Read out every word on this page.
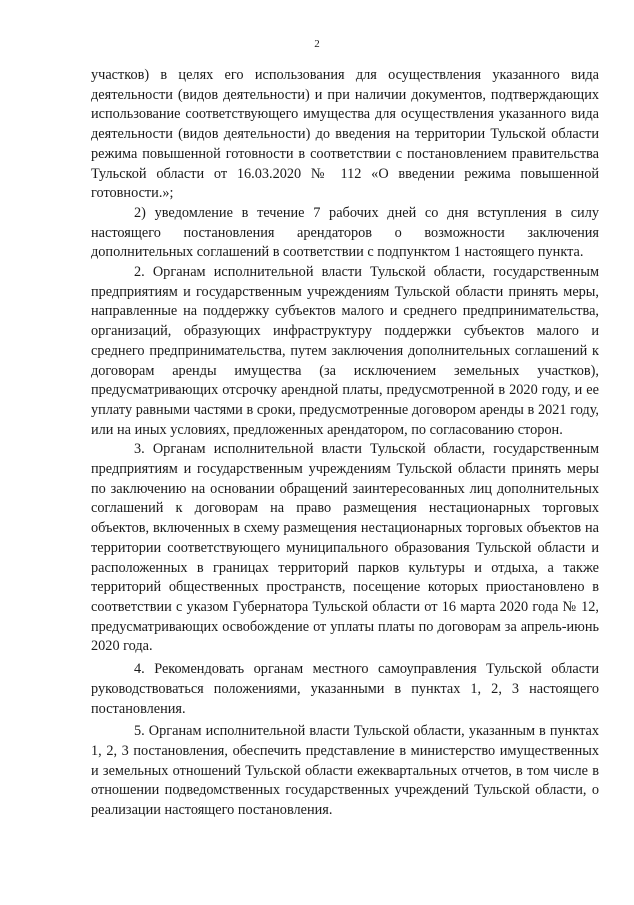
2

участков) в целях его использования для осуществления указанного вида деятельности (видов деятельности) и при наличии документов, подтверждающих использование соответствующего имущества для осуществления указанного вида деятельности (видов деятельности) до введения на территории Тульской области режима повышенной готовности в соответствии с постановлением правительства Тульской области от 16.03.2020 № 112 «О введении режима повышенной готовности.»;

2) уведомление в течение 7 рабочих дней со дня вступления в силу настоящего постановления арендаторов о возможности заключения дополнительных соглашений в соответствии с подпунктом 1 настоящего пункта.

2. Органам исполнительной власти Тульской области, государственным предприятиям и государственным учреждениям Тульской области принять меры, направленные на поддержку субъектов малого и среднего предпринимательства, организаций, образующих инфраструктуру поддержки субъектов малого и среднего предпринимательства, путем заключения дополнительных соглашений к договорам аренды имущества (за исключением земельных участков), предусматривающих отсрочку арендной платы, предусмотренной в 2020 году, и ее уплату равными частями в сроки, предусмотренные договором аренды в 2021 году, или на иных условиях, предложенных арендатором, по согласованию сторон.

3. Органам исполнительной власти Тульской области, государственным предприятиям и государственным учреждениям Тульской области принять меры по заключению на основании обращений заинтересованных лиц дополнительных соглашений к договорам на право размещения нестационарных торговых объектов, включенных в схему размещения нестационарных торговых объектов на территории соответствующего муниципального образования Тульской области и расположенных в границах территорий парков культуры и отдыха, а также территорий общественных пространств, посещение которых приостановлено в соответствии с указом Губернатора Тульской области от 16 марта 2020 года № 12, предусматривающих освобождение от уплаты платы по договорам за апрель-июнь 2020 года.

4. Рекомендовать органам местного самоуправления Тульской области руководствоваться положениями, указанными в пунктах 1, 2, 3 настоящего постановления.

5. Органам исполнительной власти Тульской области, указанным в пунктах 1, 2, 3 постановления, обеспечить представление в министерство имущественных и земельных отношений Тульской области ежеквартальных отчетов, в том числе в отношении подведомственных государственных учреждений Тульской области, о реализации настоящего постановления.
